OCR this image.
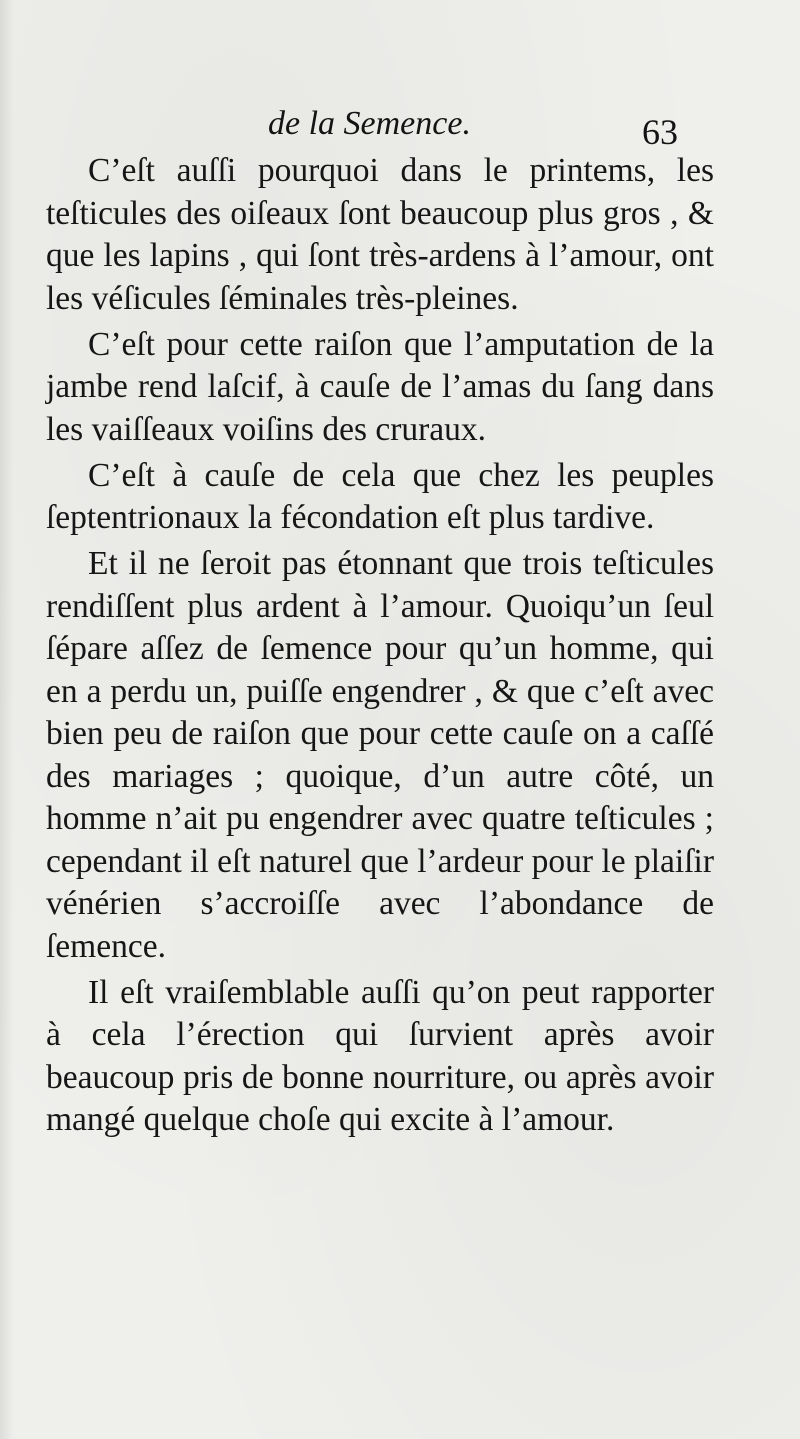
de la Semence.	63

C’eſt auſſi pourquoi dans le printems, les teſticules des oiſeaux ſont beaucoup plus gros , & que les lapins , qui ſont très-ardens à l’amour, ont les véſicules ſéminales très-pleines.

C’eſt pour cette raiſon que l’amputation de la jambe rend laſcif, à cauſe de l’amas du ſang dans les vaiſſeaux voiſins des cruraux.

C’eſt à cauſe de cela que chez les peuples ſeptentrionaux la fécondation eſt plus tardive.

Et il ne ſeroit pas étonnant que trois teſticules rendiſſent plus ardent à l’amour. Quoiqu’un ſeul ſépare aſſez de ſemence pour qu’un homme, qui en a perdu un, puiſſe engendrer , & que c’eſt avec bien peu de raiſon que pour cette cauſe on a caſſé des mariages ; quoique, d’un autre côté, un homme n’ait pu engendrer avec quatre teſticules ; cependant il eſt naturel que l’ardeur pour le plaiſir vénérien s’accroiſſe avec l’abondance de ſemence.

Il eſt vraiſemblable auſſi qu’on peut rapporter à cela l’érection qui ſurvient après avoir beaucoup pris de bonne nourriture, ou après avoir mangé quelque choſe qui excite à l’amour.
